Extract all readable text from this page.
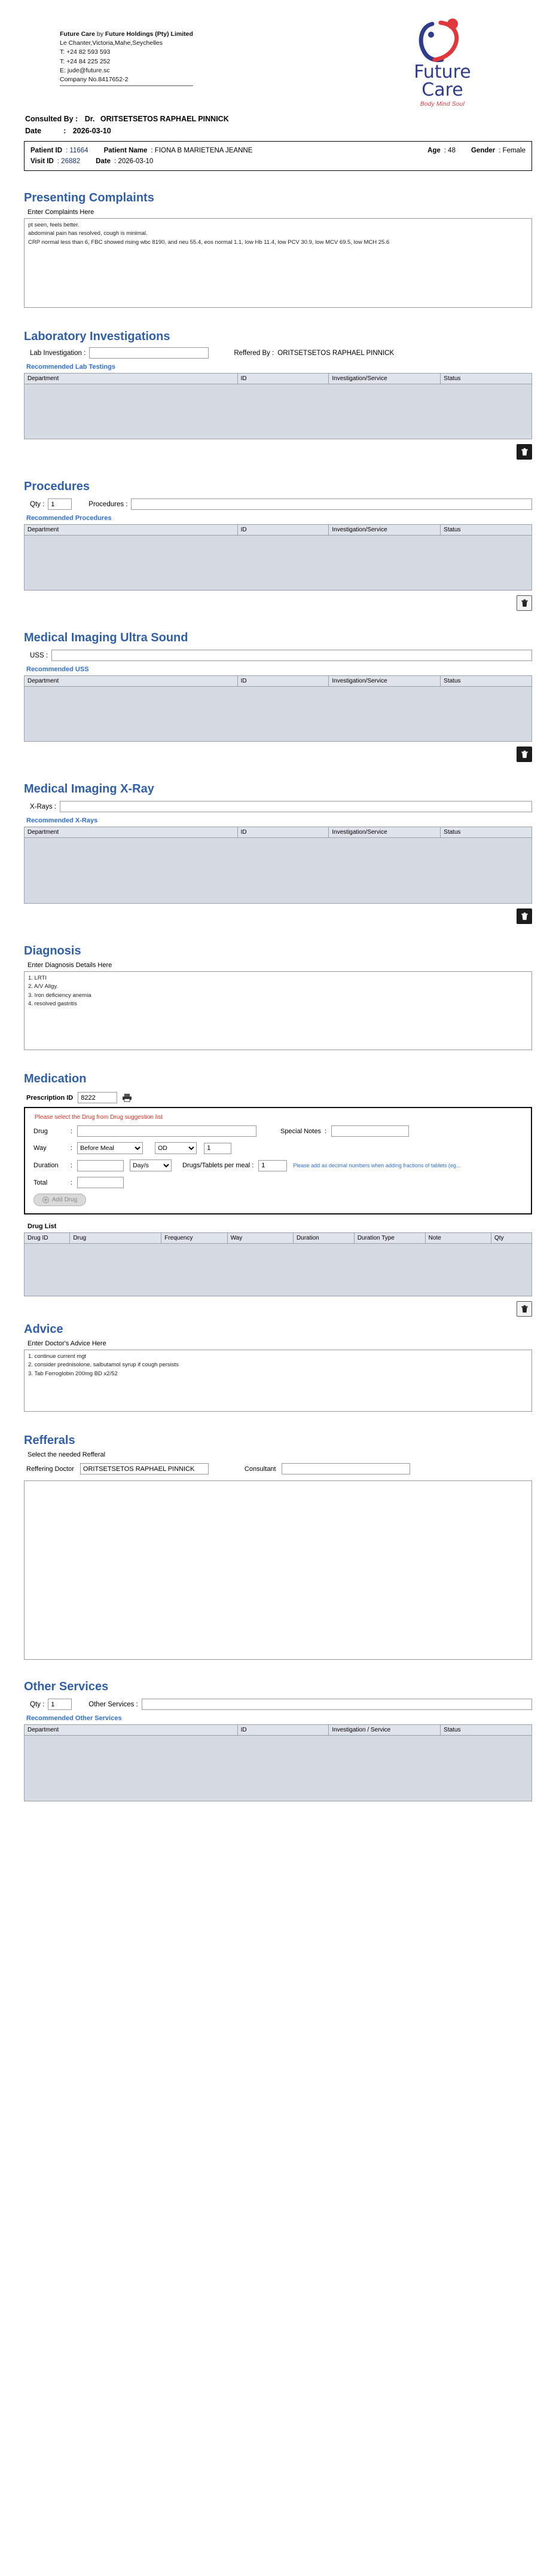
Future Care by Future Holdings (Pty) Limited
Le Chanter,Victoria,Mahe,Seychelles
T: +24 82 593 593
T: +24 84 225 252
E: jude@future.sc
Company No.8417652-2	Future
Care
Body Mind Soul
Consulted By : Dr. ORITSETSETOS RAPHAEL PINNICK
Date	: 2026-03-10
Patient ID : 11664 Patient Name : FIONA B MARIETENA JEANNE	Age : 48 Gender : Female
Visit ID : 26882 Date : 2026-03-10
Presenting Complaints
Enter Complaints Here
pt seen, feels better. abdominal pain has resolved, cough is minimal. CRP normal less than 6, FBC showed rising wbc 8190, and neu 55.4, eos normal 1.1, low Hb 11.4, low PCV 30.9, low MCV 69.5, low MCH 25.6
Laboratory Investigations
Lab Investigation :	Reffered By : ORITSETSETOS RAPHAEL PINNICK
Recommended Lab Testings
Department	ID	Investigation/Service	Status
Procedures
Qty :
1	Procedures :
Recommended Procedures
Department	ID	Investigation/Service	Status
Medical Imaging Ultra Sound
USS :
Recommended USS
Department	ID	Investigation/Service	Status
Medical Imaging X-Ray
X-Rays :
Recommended X-Rays
Department	ID	Investigation/Service	Status
Diagnosis
Enter Diagnosis Details Here
1. LRTI 2. A/V Allgy. 3. Iron deficiency anemia 4. resolved gastritis
Medication
Prescription ID
8222
Please select the Drug from Drug suggestion list
Drug	:	Special Notes :
Way	:
Before Meal
OD
1
Duration	:
Day/s	Drugs/Tablets per meal :
1	Please add as decimal numbers when adding fractions of tablets (eg...
Total	:
Add Drug
Drug List
Drug ID	Drug	Frequency	Way	Duration	Duration Type	Note	Qty
Advice
Enter Doctor's Advice Here
1. continue current mgt 2. consider prednisolone, salbutamol syrup if cough persists 3. Tab Ferroglobin 200mg BD x2/52
Refferals
Select the needed Refferal
Reffering Doctor
ORITSETSETOS RAPHAEL PINNICK	Consultant
Other Services
Qty :
1	Other Services :
Recommended Other Services
Department	ID	Investigation / Service	Status
